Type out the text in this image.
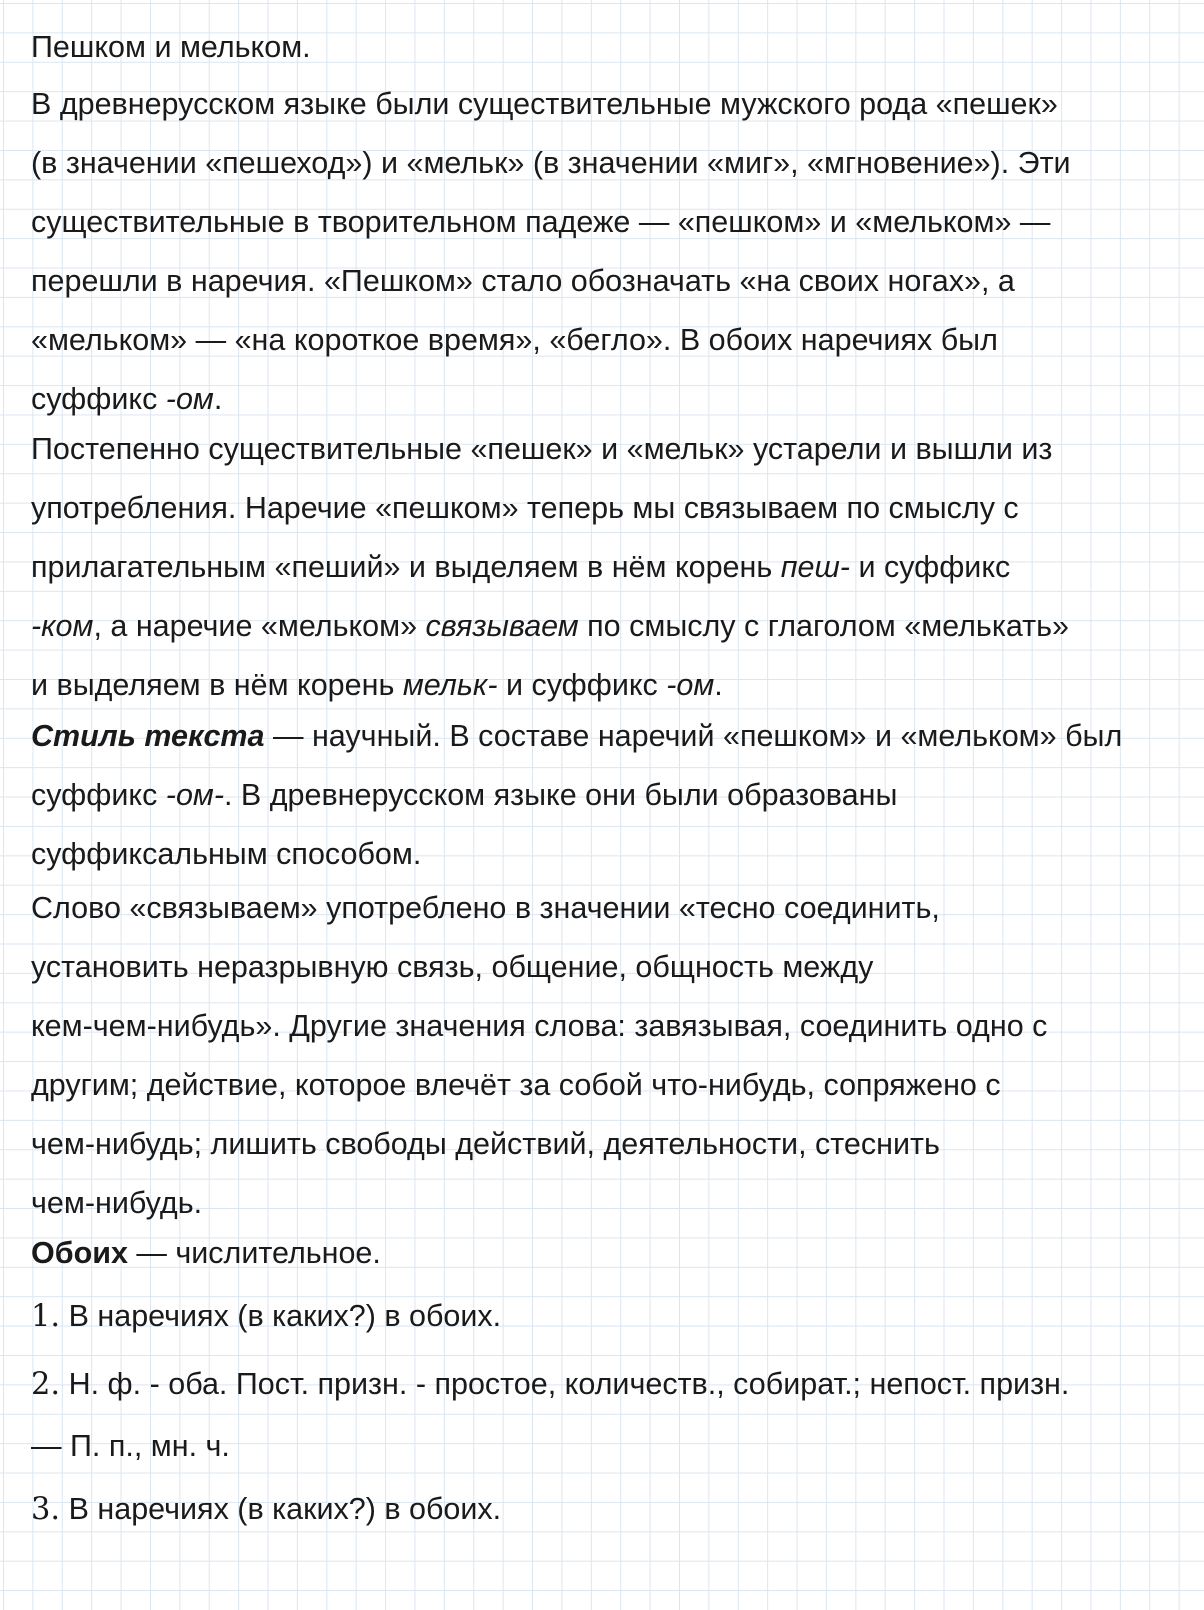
Пешком и мельком.

В древнерусском языке были существительные мужского рода «пешек»
(в значении «пешеход») и «мельк» (в значении «миг», «мгновение»). Эти
существительные в творительном падеже — «пешком» и «мельком» —
перешли в наречия. «Пешком» стало обозначать «на своих ногах», а
«мельком» — «на короткое время», «бегло». В обоих наречиях был
суффикс -ом.

Постепенно существительные «пешек» и «мельк» устарели и вышли из
употребления. Наречие «пешком» теперь мы связываем по смыслу с
прилагательным «пеший» и выделяем в нём корень пеш- и суффикс
-ком, а наречие «мельком» связываем по смыслу с глаголом «мелькать»
и выделяем в нём корень мельк- и суффикс -ом.

Стиль текста — научный. В составе наречий «пешком» и «мельком» был
суффикс -ом-. В древнерусском языке они были образованы
суффиксальным способом.

Слово «связываем» употреблено в значении «тесно соединить,
установить неразрывную связь, общение, общность между
кем-чем-нибудь». Другие значения слова: завязывая, соединить одно с
другим; действие, которое влечёт за собой что-нибудь, сопряжено с
чем-нибудь; лишить свободы действий, деятельности, стеснить
чем-нибудь.

Обоих — числительное.

1. В наречиях (в каких?) в обоих.

2. Н. ф. - оба. Пост. призн. - простое, количеств., собират.; непост. призн.
— П. п., мн. ч.

3. В наречиях (в каких?) в обоих.
